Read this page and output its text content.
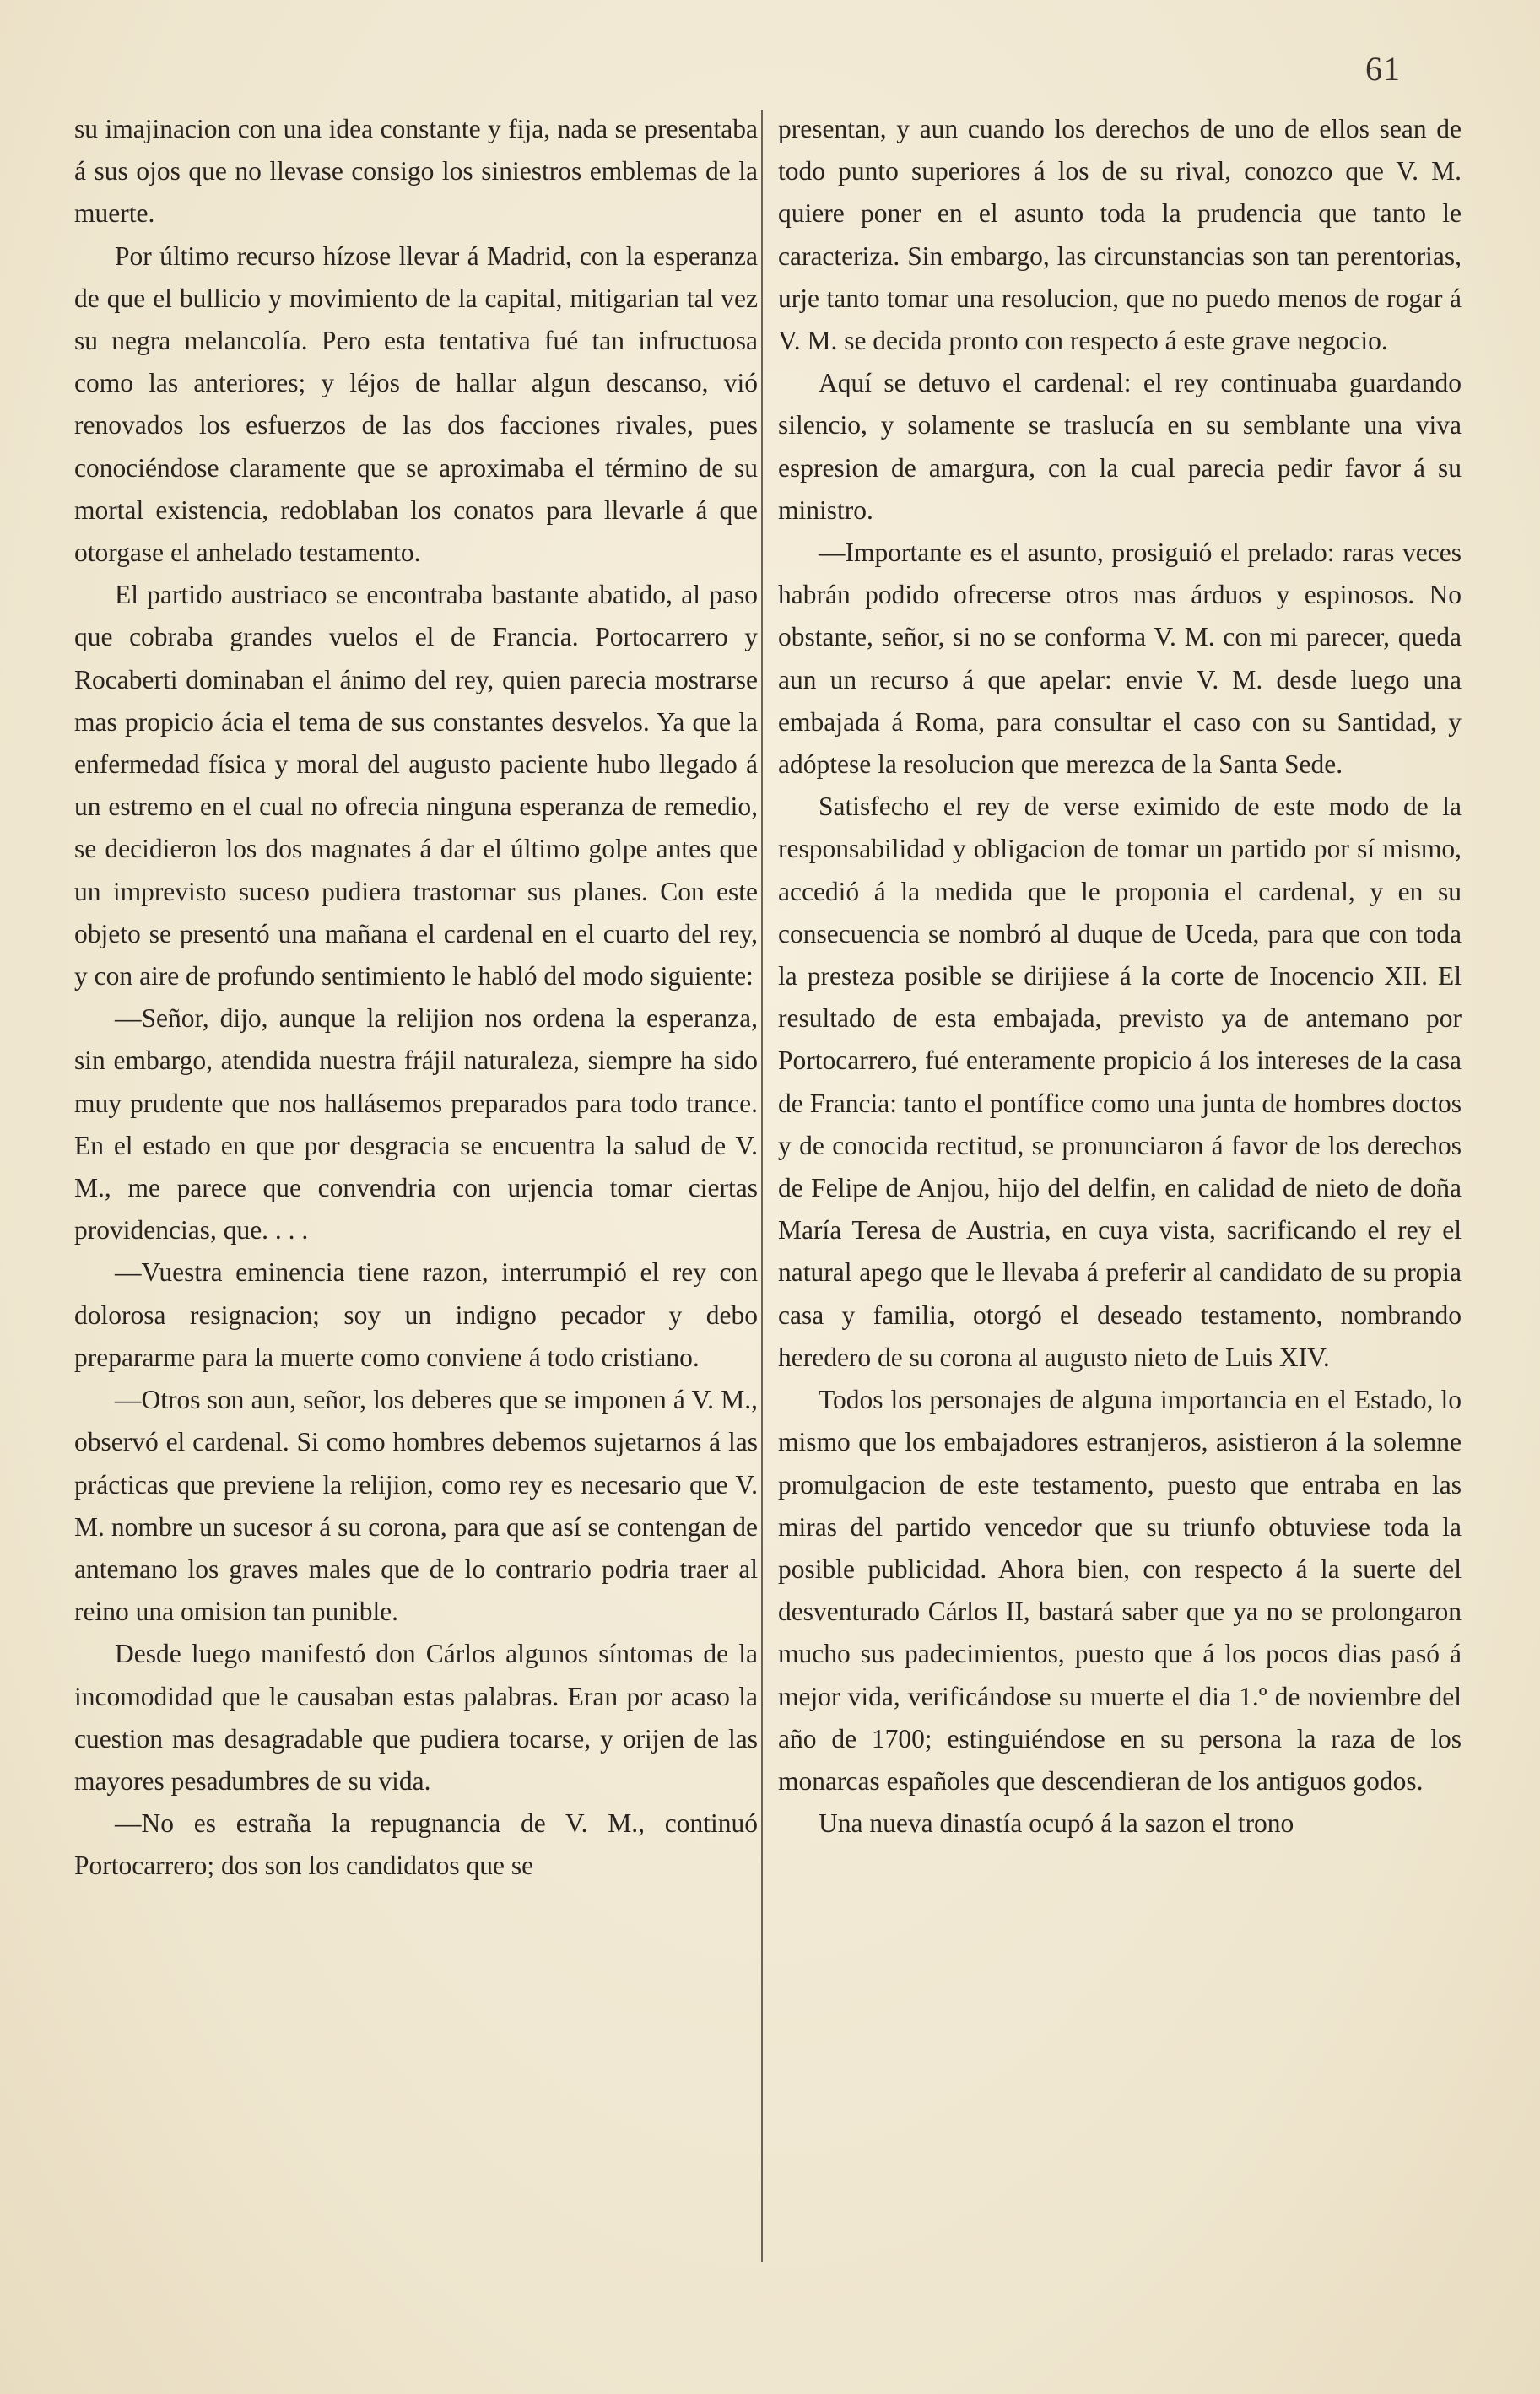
61

su imajinacion con una idea constante y fija, nada se presentaba á sus ojos que no llevase consigo los siniestros emblemas de la muerte.

Por último recurso hízose llevar á Madrid, con la esperanza de que el bullicio y movimiento de la capital, mitigarian tal vez su negra melancolía. Pero esta tentativa fué tan infructuosa como las anteriores; y léjos de hallar algun descanso, vió renovados los esfuerzos de las dos facciones rivales, pues conociéndose claramente que se aproximaba el término de su mortal existencia, redoblaban los conatos para llevarle á que otorgase el anhelado testamento.

El partido austriaco se encontraba bastante abatido, al paso que cobraba grandes vuelos el de Francia. Portocarrero y Rocaberti dominaban el ánimo del rey, quien parecia mostrarse mas propicio ácia el tema de sus constantes desvelos. Ya que la enfermedad física y moral del augusto paciente hubo llegado á un estremo en el cual no ofrecia ninguna esperanza de remedio, se decidieron los dos magnates á dar el último golpe antes que un imprevisto suceso pudiera trastornar sus planes. Con este objeto se presentó una mañana el cardenal en el cuarto del rey, y con aire de profundo sentimiento le habló del modo siguiente:

—Señor, dijo, aunque la relijion nos ordena la esperanza, sin embargo, atendida nuestra frájil naturaleza, siempre ha sido muy prudente que nos hallásemos preparados para todo trance. En el estado en que por desgracia se encuentra la salud de V. M., me parece que convendria con urjencia tomar ciertas providencias, que. . . .

—Vuestra eminencia tiene razon, interrumpió el rey con dolorosa resignacion; soy un indigno pecador y debo prepararme para la muerte como conviene á todo cristiano.

—Otros son aun, señor, los deberes que se imponen á V. M., observó el cardenal. Si como hombres debemos sujetarnos á las prácticas que previene la relijion, como rey es necesario que V. M. nombre un sucesor á su corona, para que así se contengan de antemano los graves males que de lo contrario podria traer al reino una omision tan punible.

Desde luego manifestó don Cárlos algunos síntomas de la incomodidad que le causaban estas palabras. Eran por acaso la cuestion mas desagradable que pudiera tocarse, y orijen de las mayores pesadumbres de su vida.

—No es estraña la repugnancia de V. M., continuó Portocarrero; dos son los candidatos que se

presentan, y aun cuando los derechos de uno de ellos sean de todo punto superiores á los de su rival, conozco que V. M. quiere poner en el asunto toda la prudencia que tanto le caracteriza. Sin embargo, las circunstancias son tan perentorias, urje tanto tomar una resolucion, que no puedo menos de rogar á V. M. se decida pronto con respecto á este grave negocio.

Aquí se detuvo el cardenal: el rey continuaba guardando silencio, y solamente se traslucía en su semblante una viva espresion de amargura, con la cual parecia pedir favor á su ministro.

—Importante es el asunto, prosiguió el prelado: raras veces habrán podido ofrecerse otros mas árduos y espinosos. No obstante, señor, si no se conforma V. M. con mi parecer, queda aun un recurso á que apelar: envie V. M. desde luego una embajada á Roma, para consultar el caso con su Santidad, y adóptese la resolucion que merezca de la Santa Sede.

Satisfecho el rey de verse eximido de este modo de la responsabilidad y obligacion de tomar un partido por sí mismo, accedió á la medida que le proponia el cardenal, y en su consecuencia se nombró al duque de Uceda, para que con toda la presteza posible se dirijiese á la corte de Inocencio XII. El resultado de esta embajada, previsto ya de antemano por Portocarrero, fué enteramente propicio á los intereses de la casa de Francia: tanto el pontífice como una junta de hombres doctos y de conocida rectitud, se pronunciaron á favor de los derechos de Felipe de Anjou, hijo del delfin, en calidad de nieto de doña María Teresa de Austria, en cuya vista, sacrificando el rey el natural apego que le llevaba á preferir al candidato de su propia casa y familia, otorgó el deseado testamento, nombrando heredero de su corona al augusto nieto de Luis XIV.

Todos los personajes de alguna importancia en el Estado, lo mismo que los embajadores estranjeros, asistieron á la solemne promulgacion de este testamento, puesto que entraba en las miras del partido vencedor que su triunfo obtuviese toda la posible publicidad. Ahora bien, con respecto á la suerte del desventurado Cárlos II, bastará saber que ya no se prolongaron mucho sus padecimientos, puesto que á los pocos dias pasó á mejor vida, verificándose su muerte el dia 1.º de noviembre del año de 1700; estinguiéndose en su persona la raza de los monarcas españoles que descendieran de los antiguos godos.

Una nueva dinastía ocupó á la sazon el trono
